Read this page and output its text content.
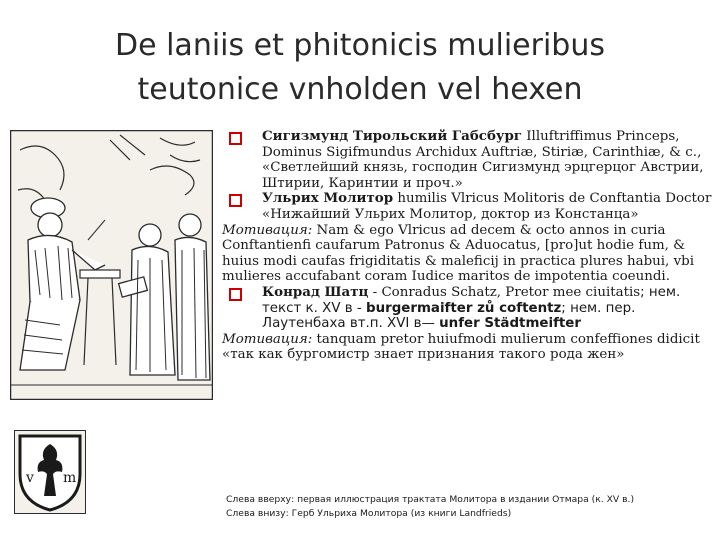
De laniis et phitonicis mulieribus
teutonice vnholden vel hexen
v m

Сигизмунд Тирольский Габсбург Illuftriffimus Princeps, Dominus Sigifmundus Archidux Auftriæ, Stiriæ, Carinthiæ, & c., «Светлейший князь, господин Сигизмунд эрцгерцог Австрии, Штирии, Каринтии и проч.»

Ульрих Молитор humilis Vlricus Molitoris de Conftantia Doctor «Нижайший Ульрих Молитор, доктор из Констанца»

Мотивация: Nam & ego Vlricus ad decem & octo annos in curia Conftantienfi caufarum Patronus & Aduocatus, [pro]ut hodie fum, & huius modi caufas frigiditatis & maleficij in practica plures habui, vbi mulieres accufabant coram Iudice maritos de impotentia coeundi.

Конрад Шатц - Conradus Schatz, Pretor mee ciuitatis; нем. текст к. XV в - burgermaifter zů coftentz; нем. пер. Лаутенбаха вт.п. XVI в— unfer Städtmeifter

Мотивация: tanquam pretor huiufmodi mulierum confeffiones didicit «так как бургомистр знает признания такого рода жен»

Слева вверху: первая иллюстрация трактата Молитора в издании Отмара (к. XV в.)
Слева внизу: Герб Ульриха Молитора (из книги Landfrieds)
